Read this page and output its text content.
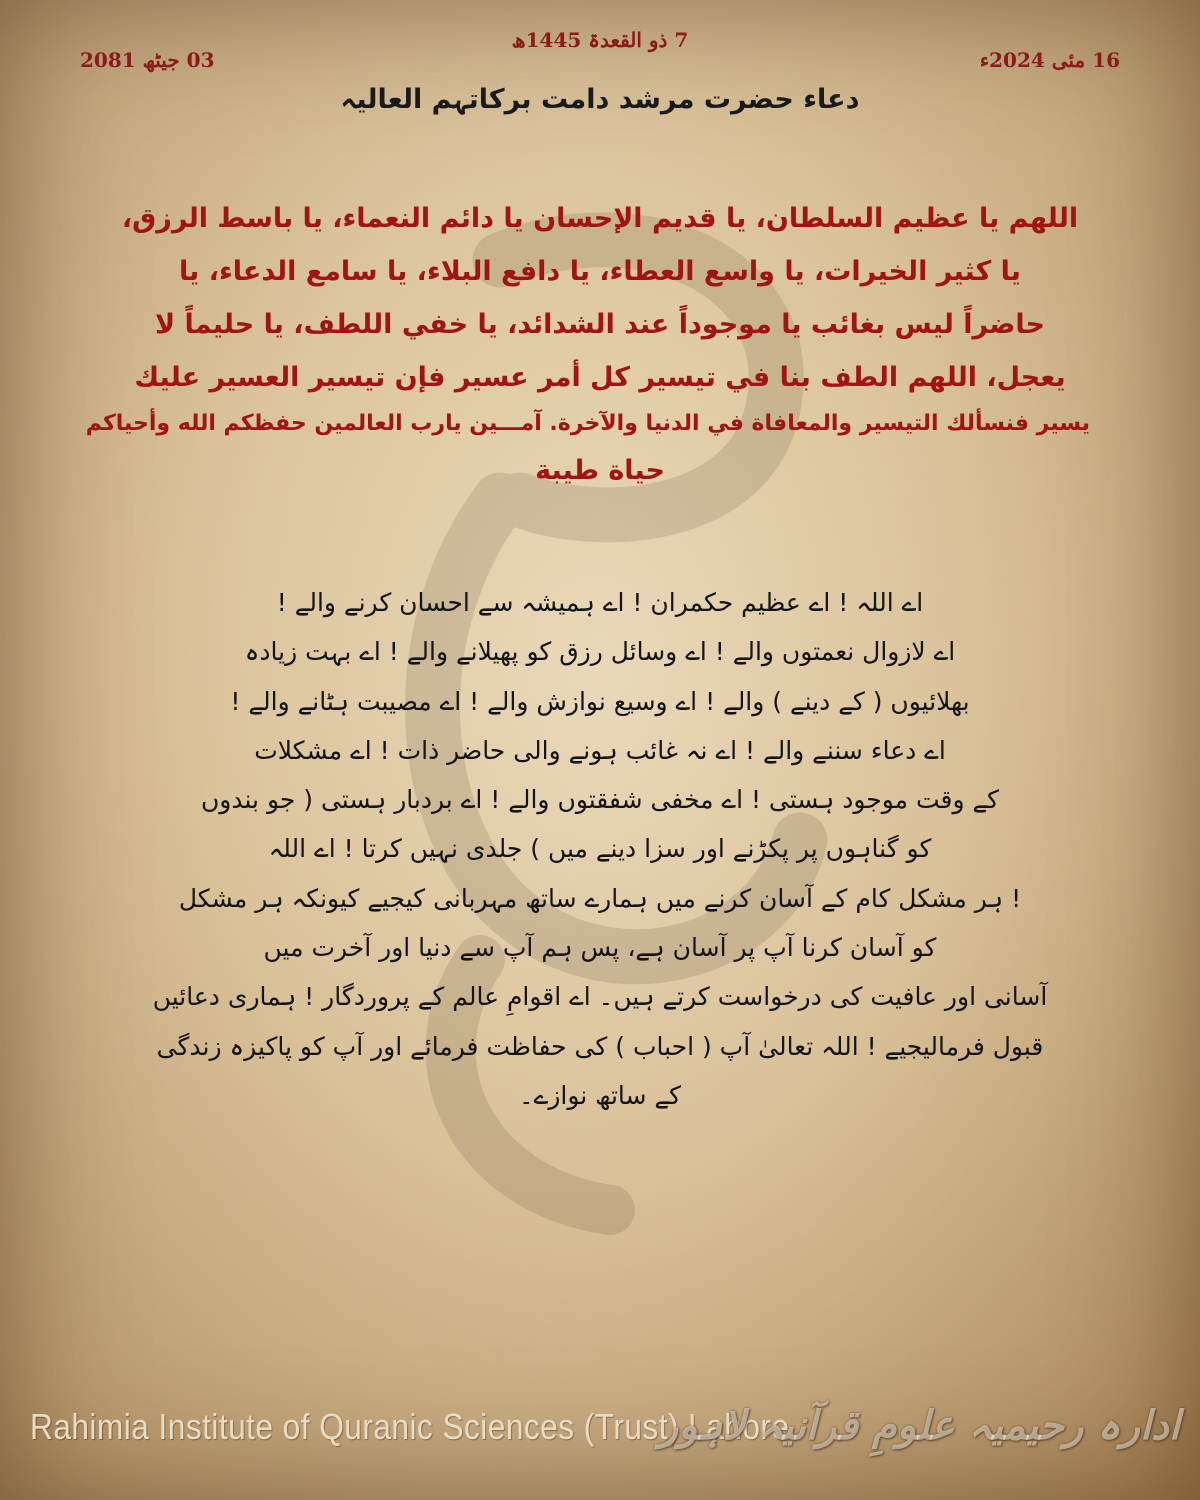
16 مئی 2024ء
03 جیٹھ 2081
7 ذو القعدۃ 1445ھ
دعاء حضرت مرشد دامت برکاتہم العالیہ
اللهم يا عظيم السلطان، يا قديم الإحسان يا دائم النعماء، يا باسط الرزق،
يا كثير الخيرات، يا واسع العطاء، يا دافع البلاء، يا سامع الدعاء، يا
حاضراً ليس بغائب يا موجوداً عند الشدائد، يا خفي اللطف، يا حليماً لا
يعجل، اللهم الطف بنا في تيسير كل أمر عسير فإن تيسير العسير عليك
يسير فنسألك التيسير والمعافاة في الدنيا والآخرة. آمـــين يارب العالمين حفظكم الله وأحياكم
حياة طيبة
اے اللہ ! اے عظیم حکمران ! اے ہمیشہ سے احسان کرنے والے !
اے لازوال نعمتوں والے ! اے وسائل رزق کو پھیلانے والے ! اے بہت زیادہ
بھلائیوں ( کے دینے ) والے ! اے وسیع نوازش والے ! اے مصیبت ہٹانے والے !
اے دعاء سننے والے ! اے نہ غائب ہونے والی حاضر ذات ! اے مشکلات
کے وقت موجود ہستی ! اے مخفی شفقتوں والے ! اے بردبار ہستی ( جو بندوں
کو گناہوں پر پکڑنے اور سزا دینے میں ) جلدی نہیں کرتا ! اے اللہ
! ہر مشکل کام کے آسان کرنے میں ہمارے ساتھ مہربانی کیجیے کیونکہ ہر مشکل
کو آسان کرنا آپ پر آسان ہے، پس ہم آپ سے دنیا اور آخرت میں
آسانی اور عافیت کی درخواست کرتے ہیں۔ اے اقوامِ عالم کے پروردگار ! ہماری دعائیں
قبول فرمالیجیے ! اللہ تعالیٰ آپ ( احباب ) کی حفاظت فرمائے اور آپ کو پاکیزہ زندگی
کے ساتھ نوازے۔
Rahimia Institute of Quranic Sciences (Trust) Lahore
ادارہ رحیمیہ علومِ قرآنیہ لاہور
